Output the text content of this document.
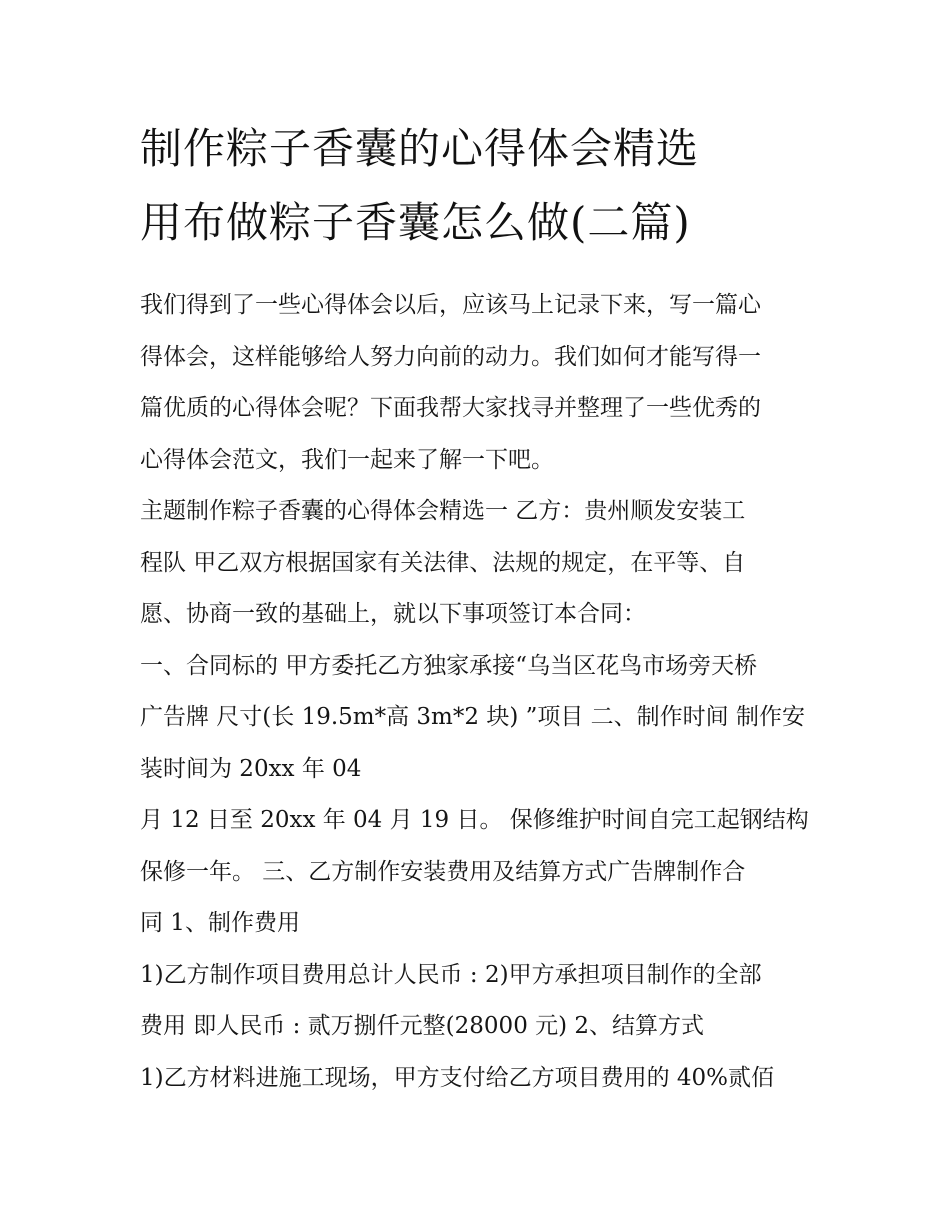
制作粽子香囊的心得体会精选
用布做粽子香囊怎么做(二篇)

我们得到了一些心得体会以后，应该马上记录下来，写一篇心
得体会，这样能够给人努力向前的动力。我们如何才能写得一
篇优质的心得体会呢？下面我帮大家找寻并整理了一些优秀的
心得体会范文，我们一起来了解一下吧。

主题制作粽子香囊的心得体会精选一 乙方：贵州顺发安装工
程队 甲乙双方根据国家有关法律、法规的规定，在平等、自
愿、协商一致的基础上，就以下事项签订本合同：

一、合同标的 甲方委托乙方独家承接“乌当区花鸟市场旁天桥
广告牌 尺寸(长 19.5m*高 3m*2 块) ”项目 二、制作时间 制作安
装时间为 20xx 年 04

月 12 日至 20xx 年 04 月 19 日。 保修维护时间自完工起钢结构
保修一年。 三、乙方制作安装费用及结算方式广告牌制作合
同 1、制作费用

1)乙方制作项目费用总计人民币 : 2)甲方承担项目制作的全部
费用 即人民币 : 贰万捌仟元整(28000 元) 2、结算方式

1)乙方材料进施工现场，甲方支付给乙方项目费用的 40%贰佰
